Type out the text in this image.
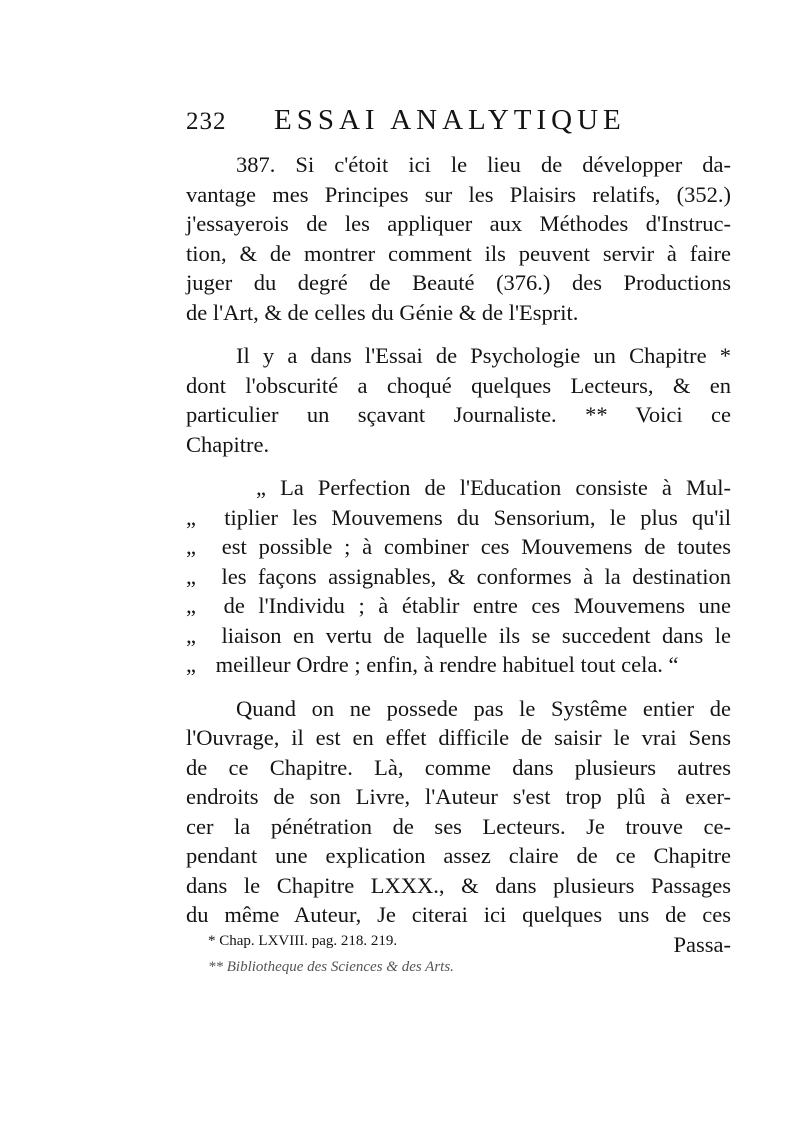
232 ESSAI ANALYTIQUE
387. Si c'étoit ici le lieu de développer da-
vantage mes Principes sur les Plaisirs relatifs, (352.)
j'essayerois de les appliquer aux Méthodes d'Instruc-
tion, & de montrer comment ils peuvent servir à faire
juger du degré de Beauté (376.) des Productions
de l'Art, & de celles du Génie & de l'Esprit.
Il y a dans l'Essai de Psychologie un Chapitre *
dont l'obscurité a choqué quelques Lecteurs, & en
particulier un sçavant Journaliste. ** Voici ce
Chapitre.
„ La Perfection de l'Education consiste à Mul-
„ tiplier les Mouvemens du Sensorium, le plus qu'il
„ est possible ; à combiner ces Mouvemens de toutes
„ les façons assignables, & conformes à la destination
„ de l'Individu ; à établir entre ces Mouvemens une
„ liaison en vertu de laquelle ils se succedent dans le
„ meilleur Ordre ; enfin, à rendre habituel tout cela. “
Quand on ne possede pas le Systême entier de
l'Ouvrage, il est en effet difficile de saisir le vrai Sens
de ce Chapitre. Là, comme dans plusieurs autres
endroits de son Livre, l'Auteur s'est trop plû à exer-
cer la pénétration de ses Lecteurs. Je trouve ce-
pendant une explication assez claire de ce Chapitre
dans le Chapitre LXXX., & dans plusieurs Passages
du même Auteur, Je citerai ici quelques uns de ces
Passa-
* Chap. LXVIII. pag. 218. 219.
** Bibliotheque des Sciences & des Arts.
